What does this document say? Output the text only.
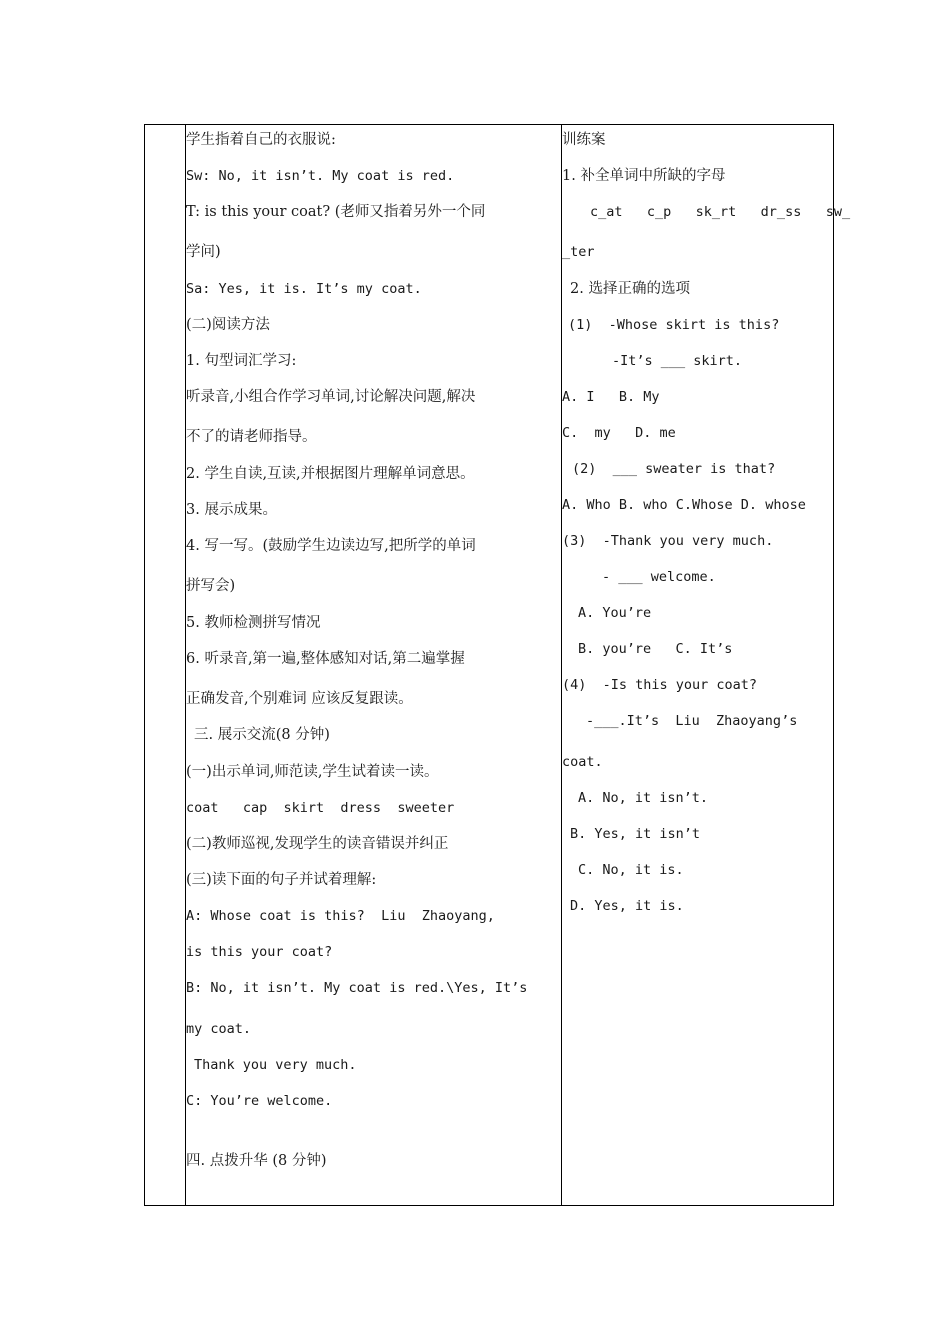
学生指着自己的衣服说:
Sw: No, it isn’t. My coat is red.
T: is this your coat? (老师又指着另外一个同
学问)
Sa: Yes, it is. It’s my coat.
(二)阅读方法
1. 句型词汇学习:
听录音,小组合作学习单词,讨论解决问题,解决
不了的请老师指导。
2. 学生自读,互读,并根据图片理解单词意思。
3. 展示成果。
4. 写一写。(鼓励学生边读边写,把所学的单词
拼写会)
5. 教师检测拼写情况
6. 听录音,第一遍,整体感知对话,第二遍掌握
正确发音,个别难词 应该反复跟读。
三. 展示交流(8 分钟)
(一)出示单词,师范读,学生试着读一读。
coat   cap  skirt  dress  sweeter
(二)教师巡视,发现学生的读音错误并纠正
(三)读下面的句子并试着理解:
A: Whose coat is this?  Liu  Zhaoyang,
is this your coat?
B: No, it isn’t. My coat is red.\Yes, It’s
my coat.
Thank you very much.
C: You’re welcome.
四. 点拨升华 (8 分钟)
训练案
1. 补全单词中所缺的字母
c_at   c_p   sk_rt   dr_ss   sw_
_ter
2. 选择正确的选项
(1)  -Whose skirt is this?
-It’s ___ skirt.
A. I   B. My
C.  my   D. me
(2)  ___ sweater is that?
A. Who B. who C.Whose D. whose
(3)  -Thank you very much.
- ___ welcome.
A. You’re
B. you’re   C. It’s
(4)  -Is this your coat?
-___.It’s  Liu  Zhaoyang’s
coat.
A. No, it isn’t.
B. Yes, it isn’t
C. No, it is.
D. Yes, it is.
